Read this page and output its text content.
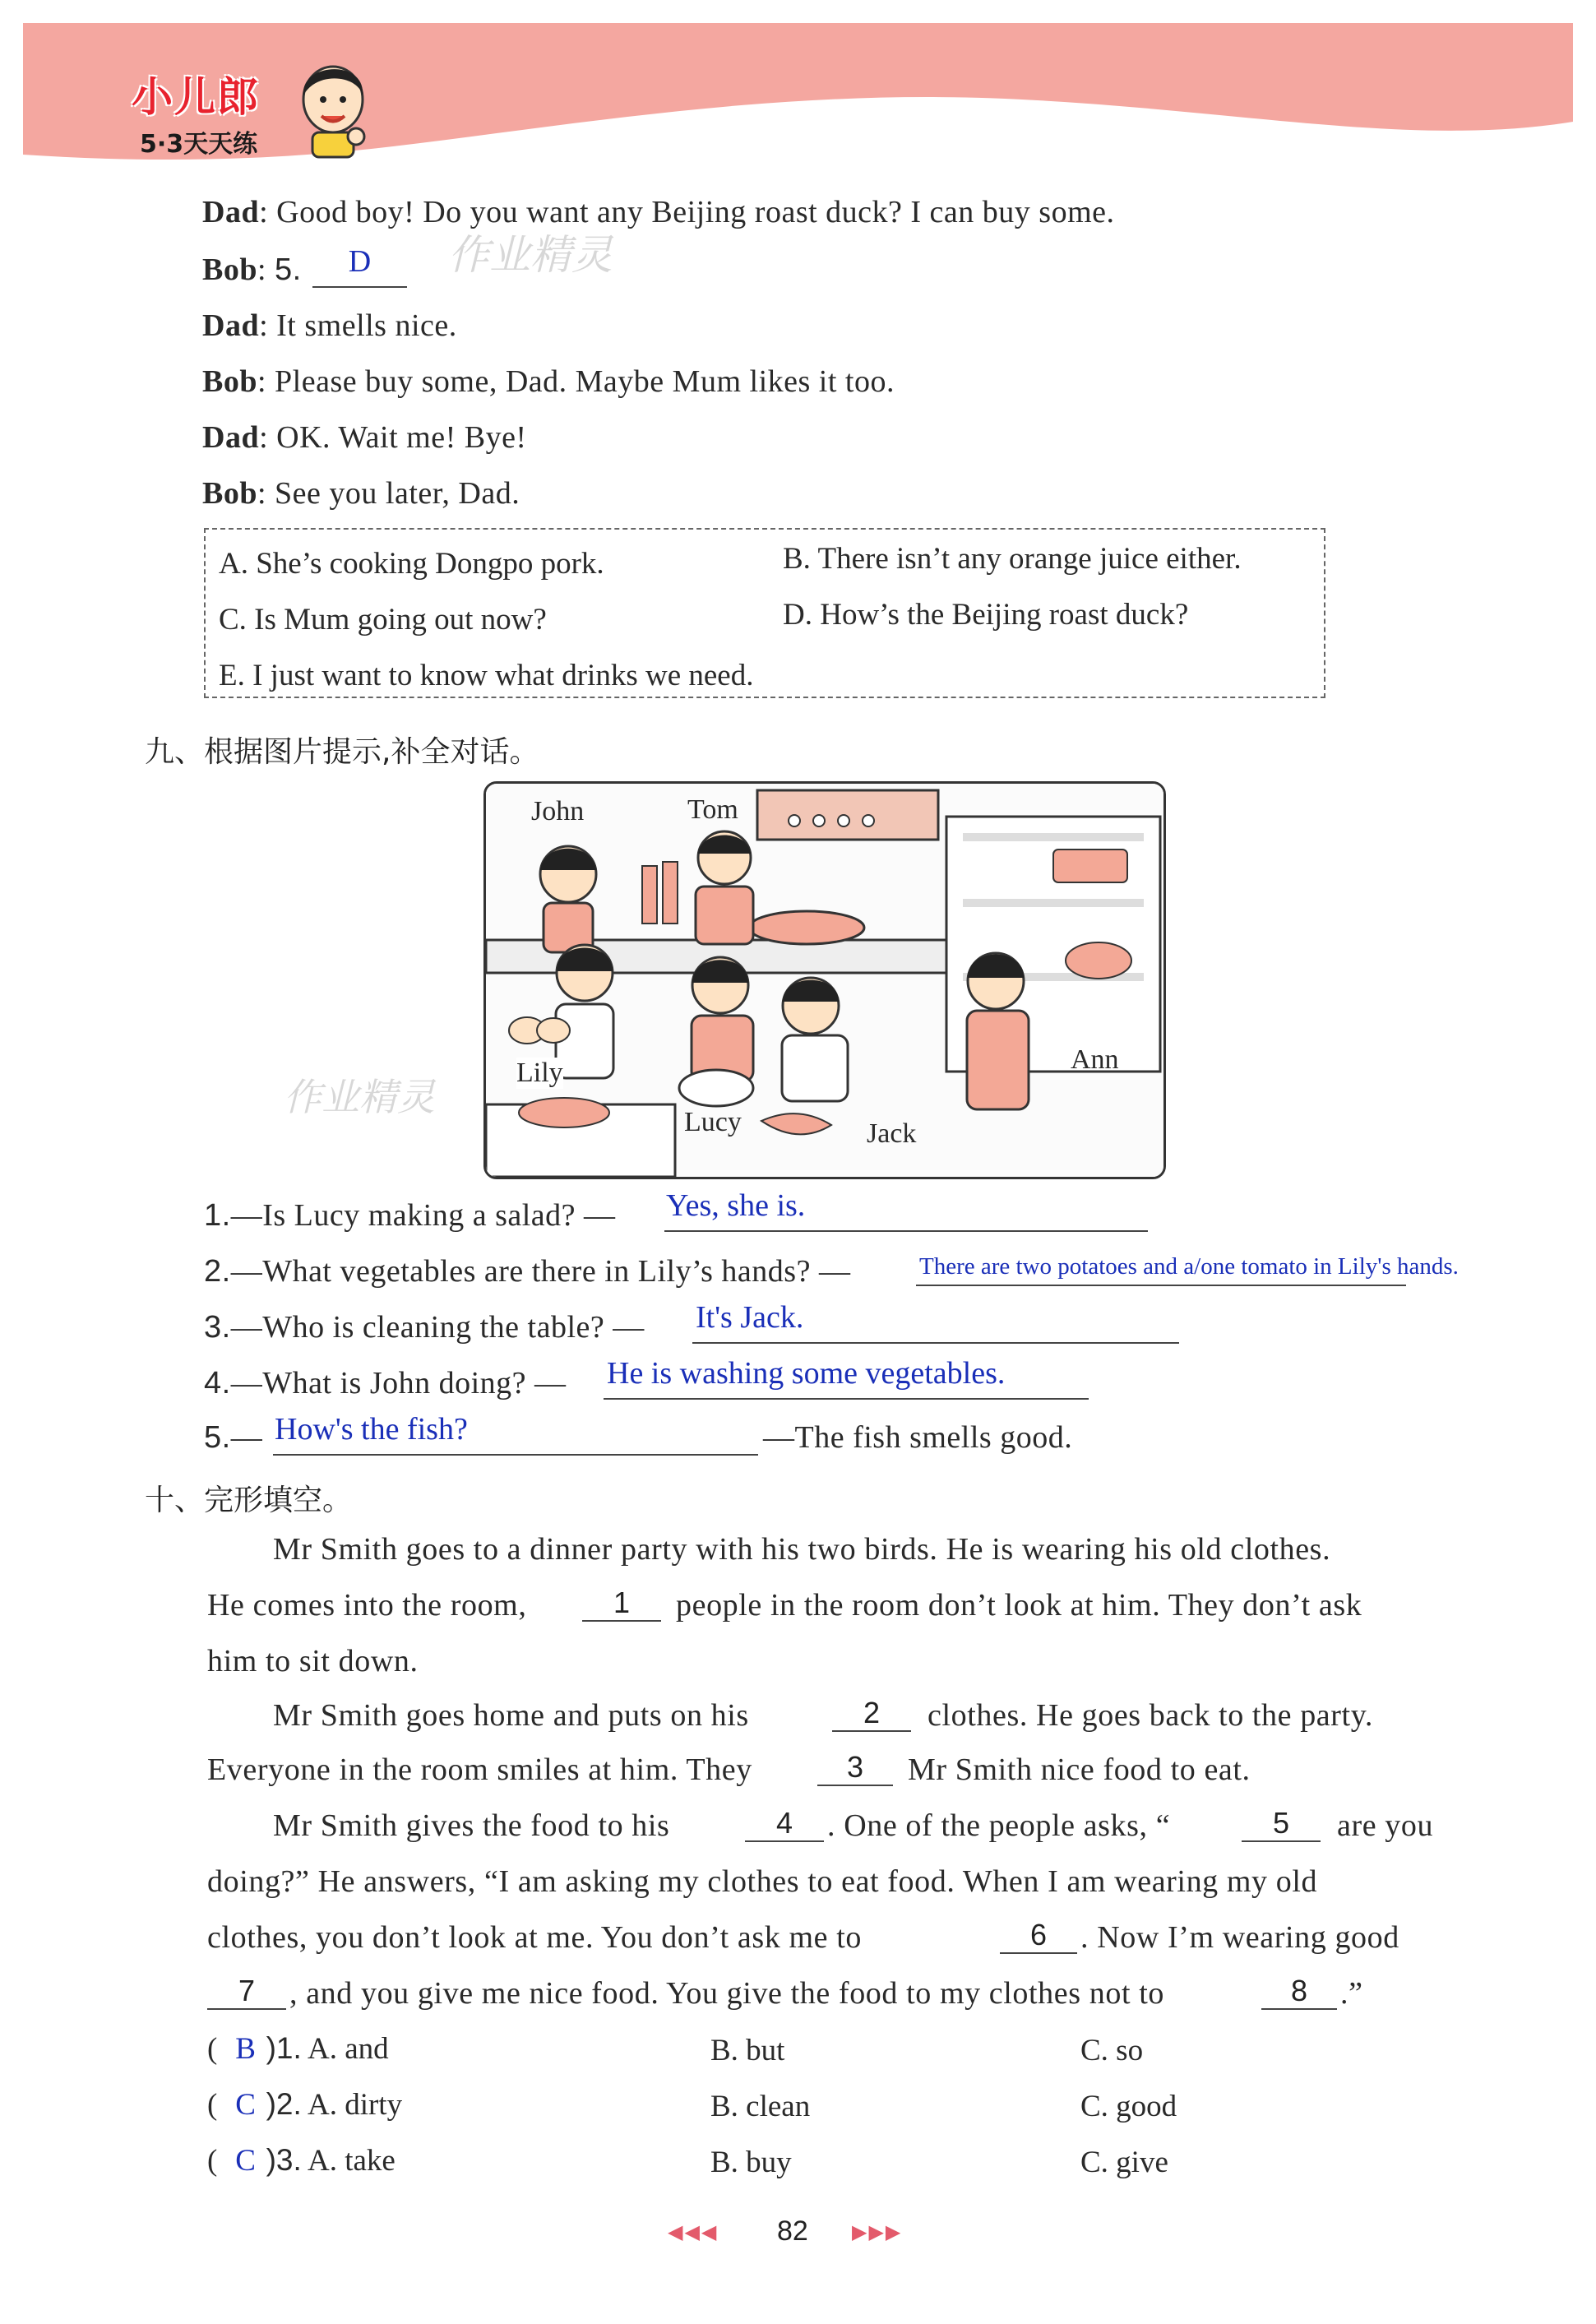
小儿郎
5·3天天练
作业精灵
作业精灵
Dad: Good boy! Do you want any Beijing roast duck? I can buy some.
Bob: 5.	D
Dad: It smells nice.
Bob: Please buy some, Dad. Maybe Mum likes it too.
Dad: OK. Wait me! Bye!
Bob: See you later, Dad.
A. She’s cooking Dongpo pork.	B. There isn’t any orange juice either.
C. Is Mum going out now?	D. How’s the Beijing roast duck?
E. I just want to know what drinks we need.
九、根据图片提示,补全对话。
John	Tom
Lily
Lucy	Jack
Ann
1.—Is Lucy making a salad? — Yes, she is.
2.—What vegetables are there in Lily’s hands? —	There are two potatoes and a/one tomato in Lily's hands.
3.—Who is cleaning the table? — It's Jack.
4.—What is John doing? — He is washing some vegetables.
5.— How's the fish?	—The fish smells good.
十、完形填空。
Mr Smith goes to a dinner party with his two birds. He is wearing his old clothes.
He comes into the room,	1	people in the room don’t look at him. They don’t ask
him to sit down.
Mr Smith goes home and puts on his	2	clothes. He goes back to the party.
Everyone in the room smiles at him. They	3	Mr Smith nice food to eat.
Mr Smith gives the food to his	4	. One of the people asks, “	5	are you
doing?” He answers, “I am asking my clothes to eat food. When I am wearing my old
clothes, you don’t look at me. You don’t ask me to	6	. Now I’m wearing good
7	, and you give me nice food. You give the food to my clothes not to	8	.”
( B )1. A. and	B. but	C. so
( C )2. A. dirty	B. clean	C. good
( C )3. A. take	B. buy	C. give
◀◀◀ 82 ▶▶▶
